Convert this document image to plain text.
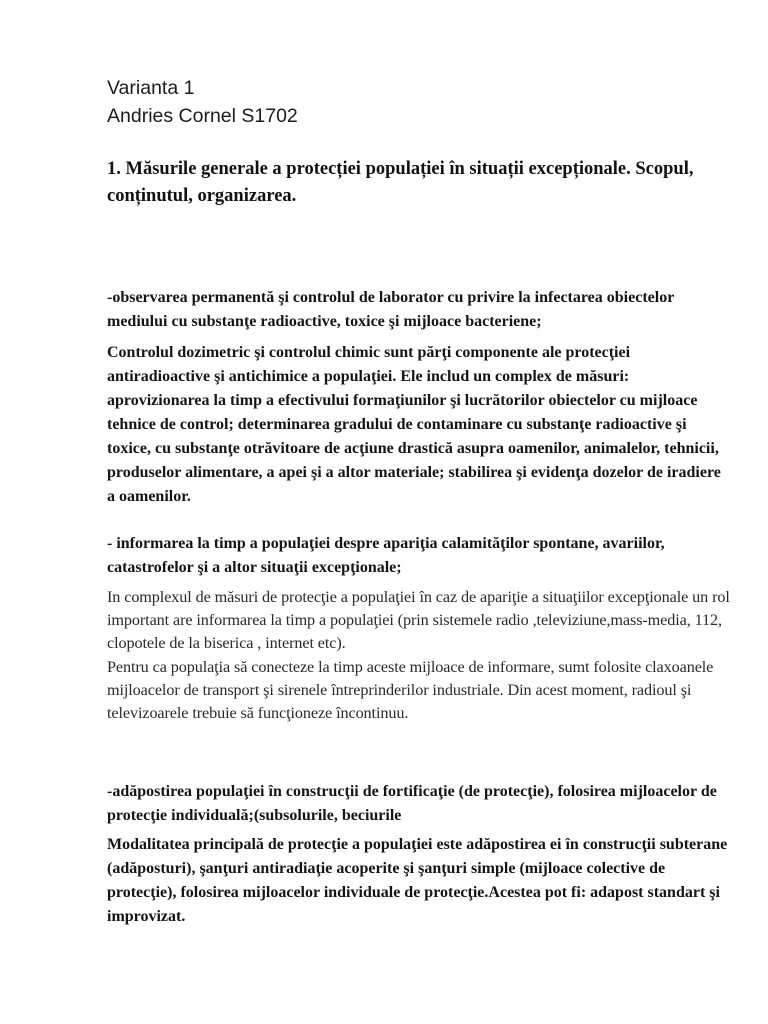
Varianta 1
Andries Cornel S1702
1. Măsurile generale a protecției populației în situații excepționale. Scopul, conținutul, organizarea.
-observarea permanentă şi controlul de laborator cu privire la infectarea obiectelor mediului cu substanţe radioactive, toxice şi mijloace bacteriene;
Controlul dozimetric şi controlul chimic sunt părţi componente ale protecţiei antiradioactive şi antichimice a populaţiei. Ele includ un complex de măsuri: aprovizionarea la timp a efectivului formaţiunilor şi lucrătorilor obiectelor cu mijloace tehnice de control; determinarea gradului de contaminare cu substanţe radioactive şi toxice, cu substanţe otrăvitoare de acţiune drastică asupra oamenilor, animalelor, tehnicii, produselor alimentare, a apei şi a altor materiale; stabilirea şi evidenţa dozelor de iradiere a oamenilor.
- informarea la timp a populaţiei despre apariţia calamităţilor spontane, avariilor, catastrofelor şi a altor situaţii excepţionale;
In complexul de măsuri de protecţie a populaţiei în caz de apariţie a situaţiilor excepţionale un rol important are informarea la timp a populaţiei (prin sistemele radio ,televiziune,mass-media, 112, clopotele de la biserica , internet etc).
Pentru ca populaţia să conecteze la timp aceste mijloace de informare, sumt folosite claxoanele mijloacelor de transport şi sirenele întreprinderilor industriale. Din acest moment, radioul şi televizoarele trebuie să funcţioneze încontinuu.
-adăpostirea populaţiei în construcţii de fortificaţie (de protecţie), folosirea mijloacelor de protecţie individuală;(subsolurile, beciurile
Modalitatea principală de protecţie a populaţiei este adăpostirea ei în construcţii subterane (adăposturi), şanţuri antiradiaţie acoperite şi şanţuri simple (mijloace colective de protecţie), folosirea mijloacelor individuale de protecţie.Acestea pot fi: adapost standart şi improvizat.
